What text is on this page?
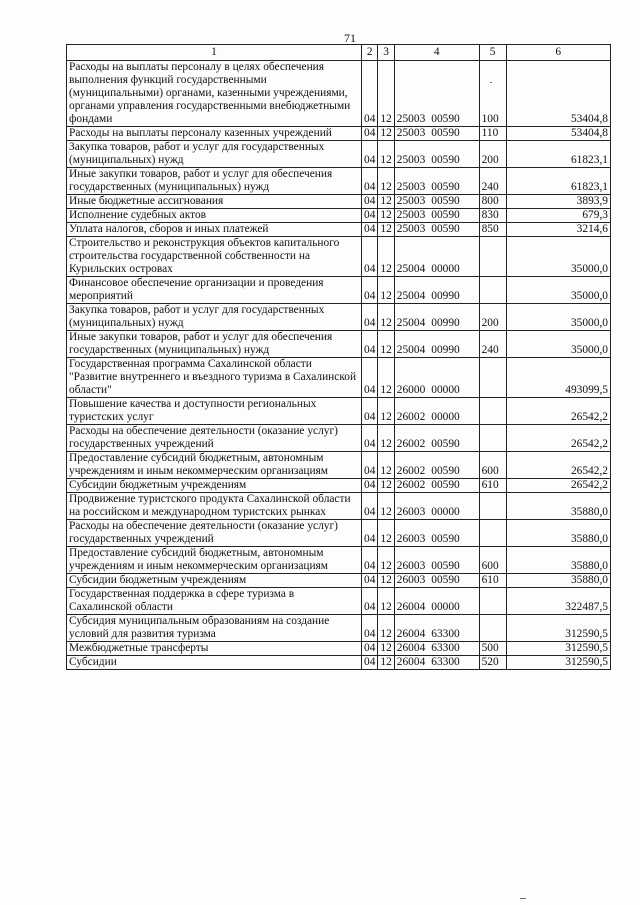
71
1	2	3	4	5	6
Расходы на выплаты персоналу в целях обеспечения выполнения функций государственными (муниципальными) органами, казенными учреждениями, органами управления государственными внебюджетными фондами	04	12	25003 00590	100	53404,8
Расходы на выплаты персоналу казенных учреждений	04	12	25003 00590	110	53404,8
Закупка товаров, работ и услуг для государственных (муниципальных) нужд	04	12	25003 00590	200	61823,1
Иные закупки товаров, работ и услуг для обеспечения государственных (муниципальных) нужд	04	12	25003 00590	240	61823,1
Иные бюджетные ассигнования	04	12	25003 00590	800	3893,9
Исполнение судебных актов	04	12	25003 00590	830	679,3
Уплата налогов, сборов и иных платежей	04	12	25003 00590	850	3214,6
Строительство и реконструкция объектов капитального строительства государственной собственности на Курильских островах	04	12	25004 00000		35000,0
Финансовое обеспечение организации и проведения мероприятий	04	12	25004 00990		35000,0
Закупка товаров, работ и услуг для государственных (муниципальных) нужд	04	12	25004 00990	200	35000,0
Иные закупки товаров, работ и услуг для обеспечения государственных (муниципальных) нужд	04	12	25004 00990	240	35000,0
Государственная программа Сахалинской области "Развитие внутреннего и въездного туризма в Сахалинской области"	04	12	26000 00000		493099,5
Повышение качества и доступности региональных туристских услуг	04	12	26002 00000		26542,2
Расходы на обеспечение деятельности (оказание услуг) государственных учреждений	04	12	26002 00590		26542,2
Предоставление субсидий бюджетным, автономным учреждениям и иным некоммерческим организациям	04	12	26002 00590	600	26542,2
Субсидии бюджетным учреждениям	04	12	26002 00590	610	26542,2
Продвижение туристского продукта Сахалинской области на российском и международном туристских рынках	04	12	26003 00000		35880,0
Расходы на обеспечение деятельности (оказание услуг) государственных учреждений	04	12	26003 00590		35880,0
Предоставление субсидий бюджетным, автономным учреждениям и иным некоммерческим организациям	04	12	26003 00590	600	35880,0
Субсидии бюджетным учреждениям	04	12	26003 00590	610	35880,0
Государственная поддержка в сфере туризма в Сахалинской области	04	12	26004 00000		322487,5
Субсидия муниципальным образованиям на создание условий для развития туризма	04	12	26004 63300		312590,5
Межбюджетные трансферты	04	12	26004 63300	500	312590,5
Субсидии	04	12	26004 63300	520	312590,5
